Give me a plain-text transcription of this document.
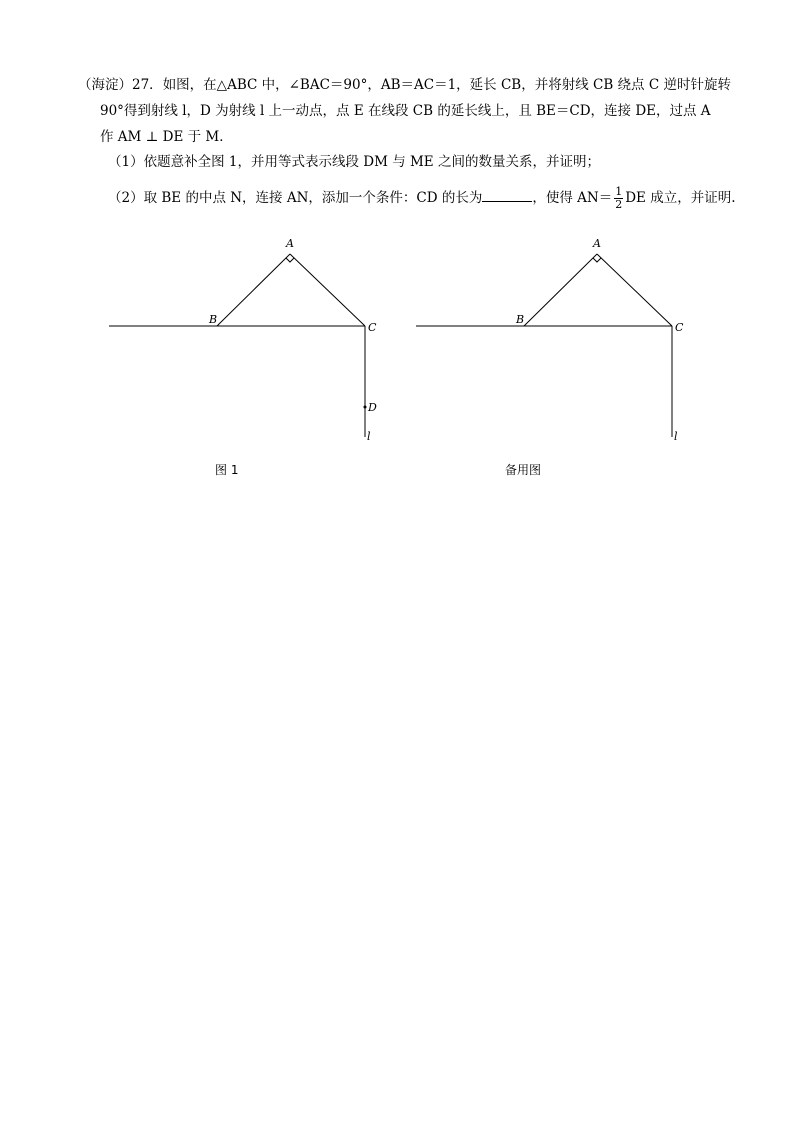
（海淀）27．如图，在△ABC 中，∠BAC＝90°，AB＝AC＝1，延长 CB，并将射线 CB 绕点 C 逆时针旋转
90°得到射线 l，D 为射线 l 上一动点，点 E 在线段 CB 的延长线上，且 BE＝CD，连接 DE，过点 A
作 AM ⊥ DE 于 M．
（1）依题意补全图 1，并用等式表示线段 DM 与 ME 之间的数量关系，并证明；
（2）取 BE 的中点 N，连接 AN，添加一个条件：CD 的长为	，使得 $AN= \frac{1}{2}$ DE 成立，并证明.
A
B
C
D
l
图 1
A
B
C
l
备用图
